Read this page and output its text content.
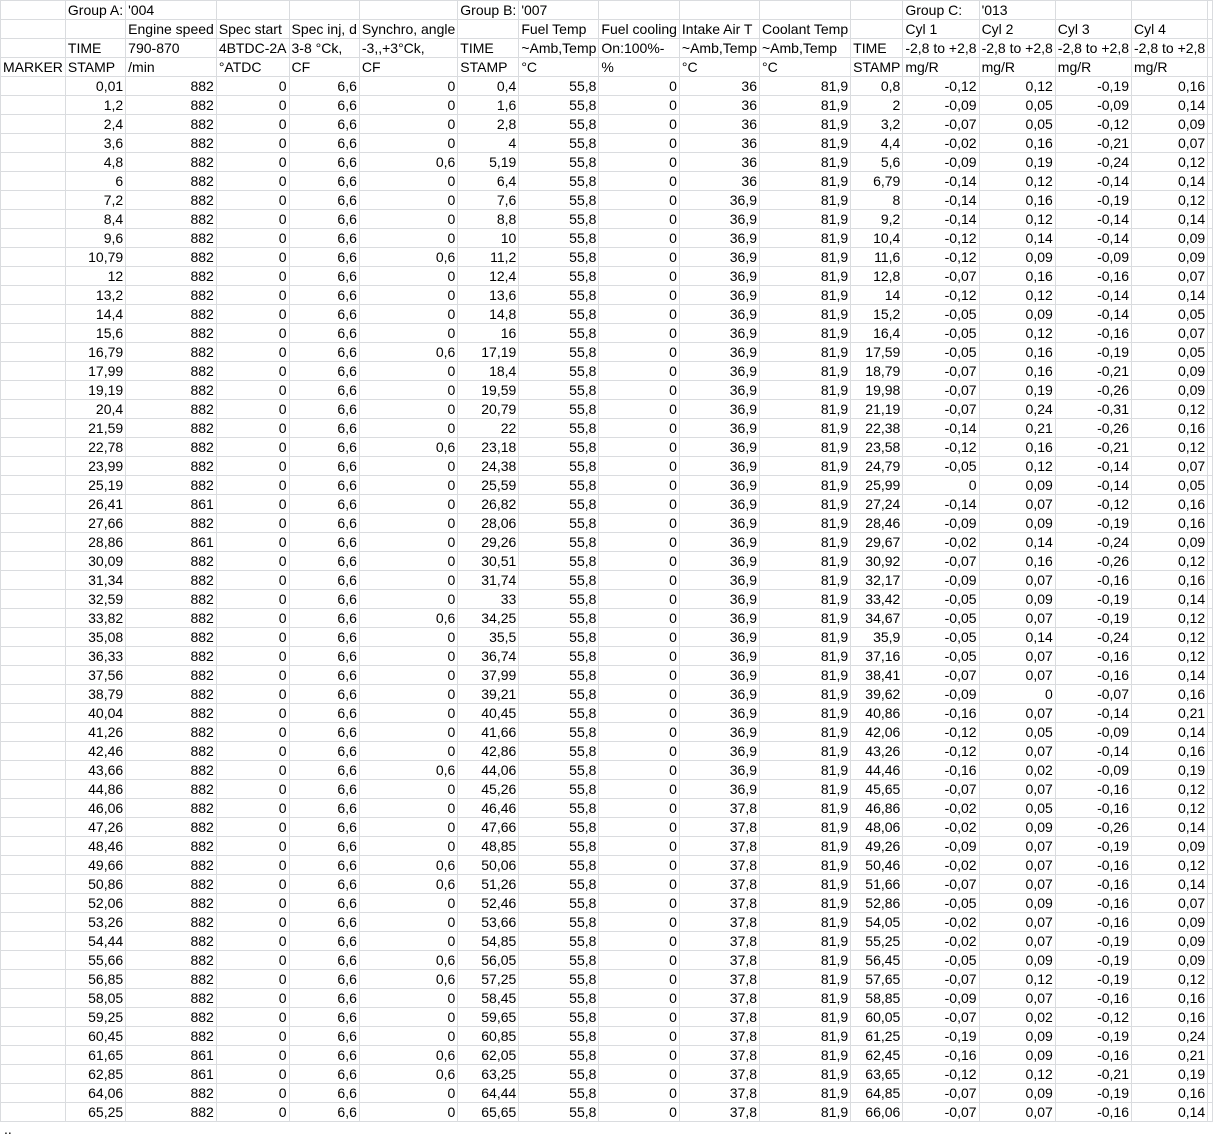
	Group A:	'004				Group B:	'007					Group C:	'013			
		Engine speed	Spec start	Spec inj, d	Synchro, angle		Fuel Temp	Fuel cooling	Intake Air T	Coolant Temp		Cyl 1	Cyl 2	Cyl 3	Cyl 4	
	TIME	790-870	4BTDC-2A	3-8 °Ck,	-3,,+3°Ck,	TIME	~Amb,Temp	On:100%-	~Amb,Temp	~Amb,Temp	TIME	-2,8 to +2,8	-2,8 to +2,8	-2,8 to +2,8	-2,8 to +2,8	
MARKER	STAMP	/min	°ATDC	CF	CF	STAMP	°C	%	°C	°C	STAMP	mg/R	mg/R	mg/R	mg/R	
	0,01	882	0	6,6	0	0,4	55,8	0	36	81,9	0,8	-0,12	0,12	-0,19	0,16	
	1,2	882	0	6,6	0	1,6	55,8	0	36	81,9	2	-0,09	0,05	-0,09	0,14	
	2,4	882	0	6,6	0	2,8	55,8	0	36	81,9	3,2	-0,07	0,05	-0,12	0,09	
	3,6	882	0	6,6	0	4	55,8	0	36	81,9	4,4	-0,02	0,16	-0,21	0,07	
	4,8	882	0	6,6	0,6	5,19	55,8	0	36	81,9	5,6	-0,09	0,19	-0,24	0,12	
	6	882	0	6,6	0	6,4	55,8	0	36	81,9	6,79	-0,14	0,12	-0,14	0,14	
	7,2	882	0	6,6	0	7,6	55,8	0	36,9	81,9	8	-0,14	0,16	-0,19	0,12	
	8,4	882	0	6,6	0	8,8	55,8	0	36,9	81,9	9,2	-0,14	0,12	-0,14	0,14	
	9,6	882	0	6,6	0	10	55,8	0	36,9	81,9	10,4	-0,12	0,14	-0,14	0,09	
	10,79	882	0	6,6	0,6	11,2	55,8	0	36,9	81,9	11,6	-0,12	0,09	-0,09	0,09	
	12	882	0	6,6	0	12,4	55,8	0	36,9	81,9	12,8	-0,07	0,16	-0,16	0,07	
	13,2	882	0	6,6	0	13,6	55,8	0	36,9	81,9	14	-0,12	0,12	-0,14	0,14	
	14,4	882	0	6,6	0	14,8	55,8	0	36,9	81,9	15,2	-0,05	0,09	-0,14	0,05	
	15,6	882	0	6,6	0	16	55,8	0	36,9	81,9	16,4	-0,05	0,12	-0,16	0,07	
	16,79	882	0	6,6	0,6	17,19	55,8	0	36,9	81,9	17,59	-0,05	0,16	-0,19	0,05	
	17,99	882	0	6,6	0	18,4	55,8	0	36,9	81,9	18,79	-0,07	0,16	-0,21	0,09	
	19,19	882	0	6,6	0	19,59	55,8	0	36,9	81,9	19,98	-0,07	0,19	-0,26	0,09	
	20,4	882	0	6,6	0	20,79	55,8	0	36,9	81,9	21,19	-0,07	0,24	-0,31	0,12	
	21,59	882	0	6,6	0	22	55,8	0	36,9	81,9	22,38	-0,14	0,21	-0,26	0,16	
	22,78	882	0	6,6	0,6	23,18	55,8	0	36,9	81,9	23,58	-0,12	0,16	-0,21	0,12	
	23,99	882	0	6,6	0	24,38	55,8	0	36,9	81,9	24,79	-0,05	0,12	-0,14	0,07	
	25,19	882	0	6,6	0	25,59	55,8	0	36,9	81,9	25,99	0	0,09	-0,14	0,05	
	26,41	861	0	6,6	0	26,82	55,8	0	36,9	81,9	27,24	-0,14	0,07	-0,12	0,16	
	27,66	882	0	6,6	0	28,06	55,8	0	36,9	81,9	28,46	-0,09	0,09	-0,19	0,16	
	28,86	861	0	6,6	0	29,26	55,8	0	36,9	81,9	29,67	-0,02	0,14	-0,24	0,09	
	30,09	882	0	6,6	0	30,51	55,8	0	36,9	81,9	30,92	-0,07	0,16	-0,26	0,12	
	31,34	882	0	6,6	0	31,74	55,8	0	36,9	81,9	32,17	-0,09	0,07	-0,16	0,16	
	32,59	882	0	6,6	0	33	55,8	0	36,9	81,9	33,42	-0,05	0,09	-0,19	0,14	
	33,82	882	0	6,6	0,6	34,25	55,8	0	36,9	81,9	34,67	-0,05	0,07	-0,19	0,12	
	35,08	882	0	6,6	0	35,5	55,8	0	36,9	81,9	35,9	-0,05	0,14	-0,24	0,12	
	36,33	882	0	6,6	0	36,74	55,8	0	36,9	81,9	37,16	-0,05	0,07	-0,16	0,12	
	37,56	882	0	6,6	0	37,99	55,8	0	36,9	81,9	38,41	-0,07	0,07	-0,16	0,14	
	38,79	882	0	6,6	0	39,21	55,8	0	36,9	81,9	39,62	-0,09	0	-0,07	0,16	
	40,04	882	0	6,6	0	40,45	55,8	0	36,9	81,9	40,86	-0,16	0,07	-0,14	0,21	
	41,26	882	0	6,6	0	41,66	55,8	0	36,9	81,9	42,06	-0,12	0,05	-0,09	0,14	
	42,46	882	0	6,6	0	42,86	55,8	0	36,9	81,9	43,26	-0,12	0,07	-0,14	0,16	
	43,66	882	0	6,6	0,6	44,06	55,8	0	36,9	81,9	44,46	-0,16	0,02	-0,09	0,19	
	44,86	882	0	6,6	0	45,26	55,8	0	36,9	81,9	45,65	-0,07	0,07	-0,16	0,12	
	46,06	882	0	6,6	0	46,46	55,8	0	37,8	81,9	46,86	-0,02	0,05	-0,16	0,12	
	47,26	882	0	6,6	0	47,66	55,8	0	37,8	81,9	48,06	-0,02	0,09	-0,26	0,14	
	48,46	882	0	6,6	0	48,85	55,8	0	37,8	81,9	49,26	-0,09	0,07	-0,19	0,09	
	49,66	882	0	6,6	0,6	50,06	55,8	0	37,8	81,9	50,46	-0,02	0,07	-0,16	0,12	
	50,86	882	0	6,6	0,6	51,26	55,8	0	37,8	81,9	51,66	-0,07	0,07	-0,16	0,14	
	52,06	882	0	6,6	0	52,46	55,8	0	37,8	81,9	52,86	-0,05	0,09	-0,16	0,07	
	53,26	882	0	6,6	0	53,66	55,8	0	37,8	81,9	54,05	-0,02	0,07	-0,16	0,09	
	54,44	882	0	6,6	0	54,85	55,8	0	37,8	81,9	55,25	-0,02	0,07	-0,19	0,09	
	55,66	882	0	6,6	0,6	56,05	55,8	0	37,8	81,9	56,45	-0,05	0,09	-0,19	0,09	
	56,85	882	0	6,6	0,6	57,25	55,8	0	37,8	81,9	57,65	-0,07	0,12	-0,19	0,12	
	58,05	882	0	6,6	0	58,45	55,8	0	37,8	81,9	58,85	-0,09	0,07	-0,16	0,16	
	59,25	882	0	6,6	0	59,65	55,8	0	37,8	81,9	60,05	-0,07	0,02	-0,12	0,16	
	60,45	882	0	6,6	0	60,85	55,8	0	37,8	81,9	61,25	-0,19	0,09	-0,19	0,24	
	61,65	861	0	6,6	0,6	62,05	55,8	0	37,8	81,9	62,45	-0,16	0,09	-0,16	0,21	
	62,85	861	0	6,6	0,6	63,25	55,8	0	37,8	81,9	63,65	-0,12	0,12	-0,21	0,19	
	64,06	882	0	6,6	0	64,44	55,8	0	37,8	81,9	64,85	-0,07	0,09	-0,19	0,16	
	65,25	882	0	6,6	0	65,65	55,8	0	37,8	81,9	66,06	-0,07	0,07	-0,16	0,14	
..
